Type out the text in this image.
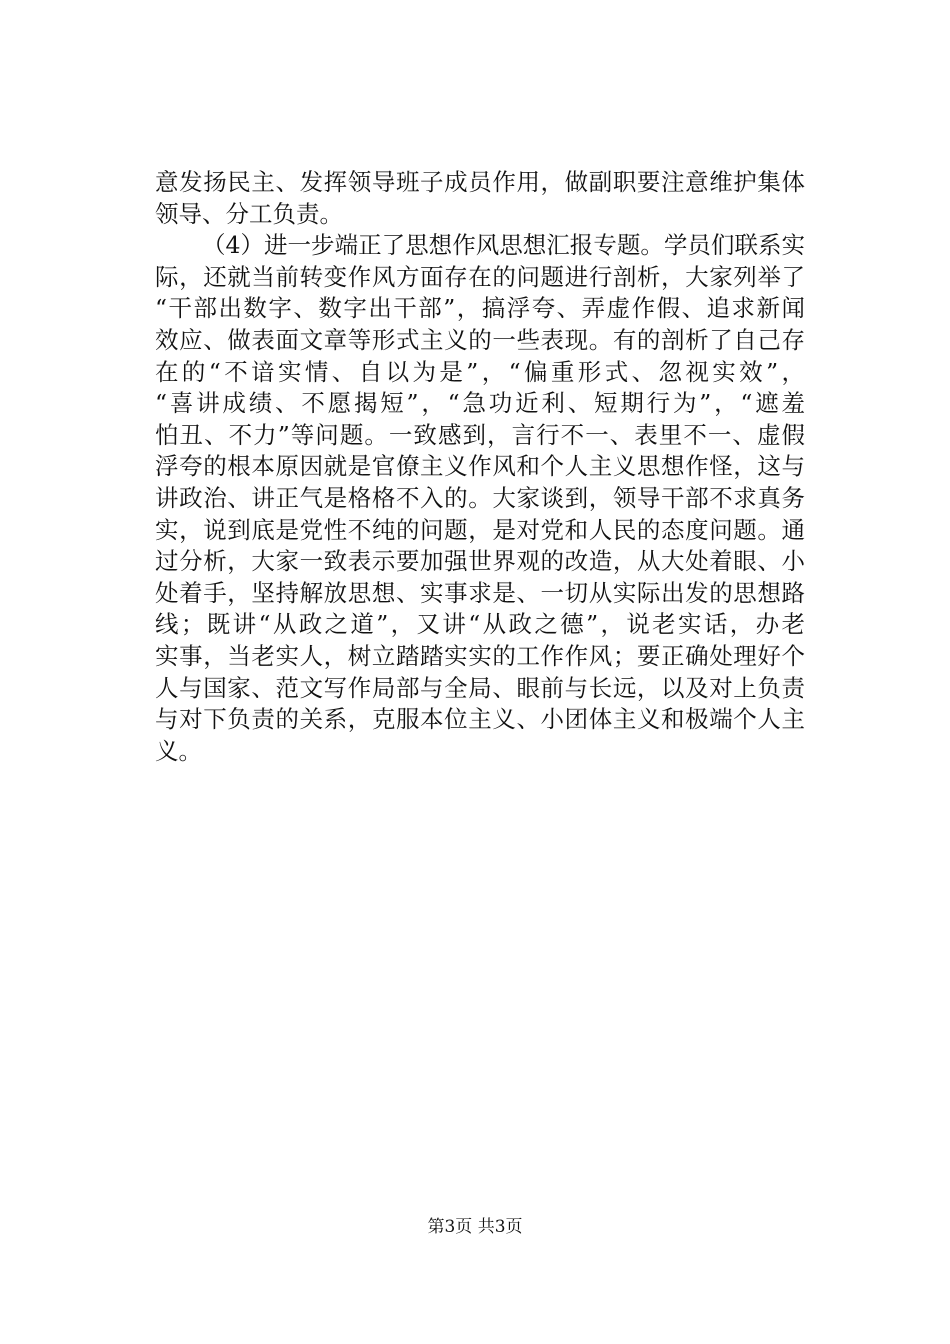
意发扬民主、发挥领导班子成员作用，做副职要注意维护集体
领导、分工负责。
（4）进一步端正了思想作风思想汇报专题。学员们联系实
际，还就当前转变作风方面存在的问题进行剖析，大家列举了
“干部出数字、数字出干部”，搞浮夸、弄虚作假、追求新闻
效应、做表面文章等形式主义的一些表现。有的剖析了自己存
在的“不谙实情、自以为是”，“偏重形式、忽视实效”，
“喜讲成绩、不愿揭短”，“急功近利、短期行为”，“遮羞
怕丑、不力”等问题。一致感到，言行不一、表里不一、虚假
浮夸的根本原因就是官僚主义作风和个人主义思想作怪，这与
讲政治、讲正气是格格不入的。大家谈到，领导干部不求真务
实，说到底是党性不纯的问题，是对党和人民的态度问题。通
过分析，大家一致表示要加强世界观的改造，从大处着眼、小
处着手，坚持解放思想、实事求是、一切从实际出发的思想路
线；既讲“从政之道”，又讲“从政之德”，说老实话，办老
实事，当老实人，树立踏踏实实的工作作风；要正确处理好个
人与国家、范文写作局部与全局、眼前与长远，以及对上负责
与对下负责的关系，克服本位主义、小团体主义和极端个人主
义。
第3页 共3页
